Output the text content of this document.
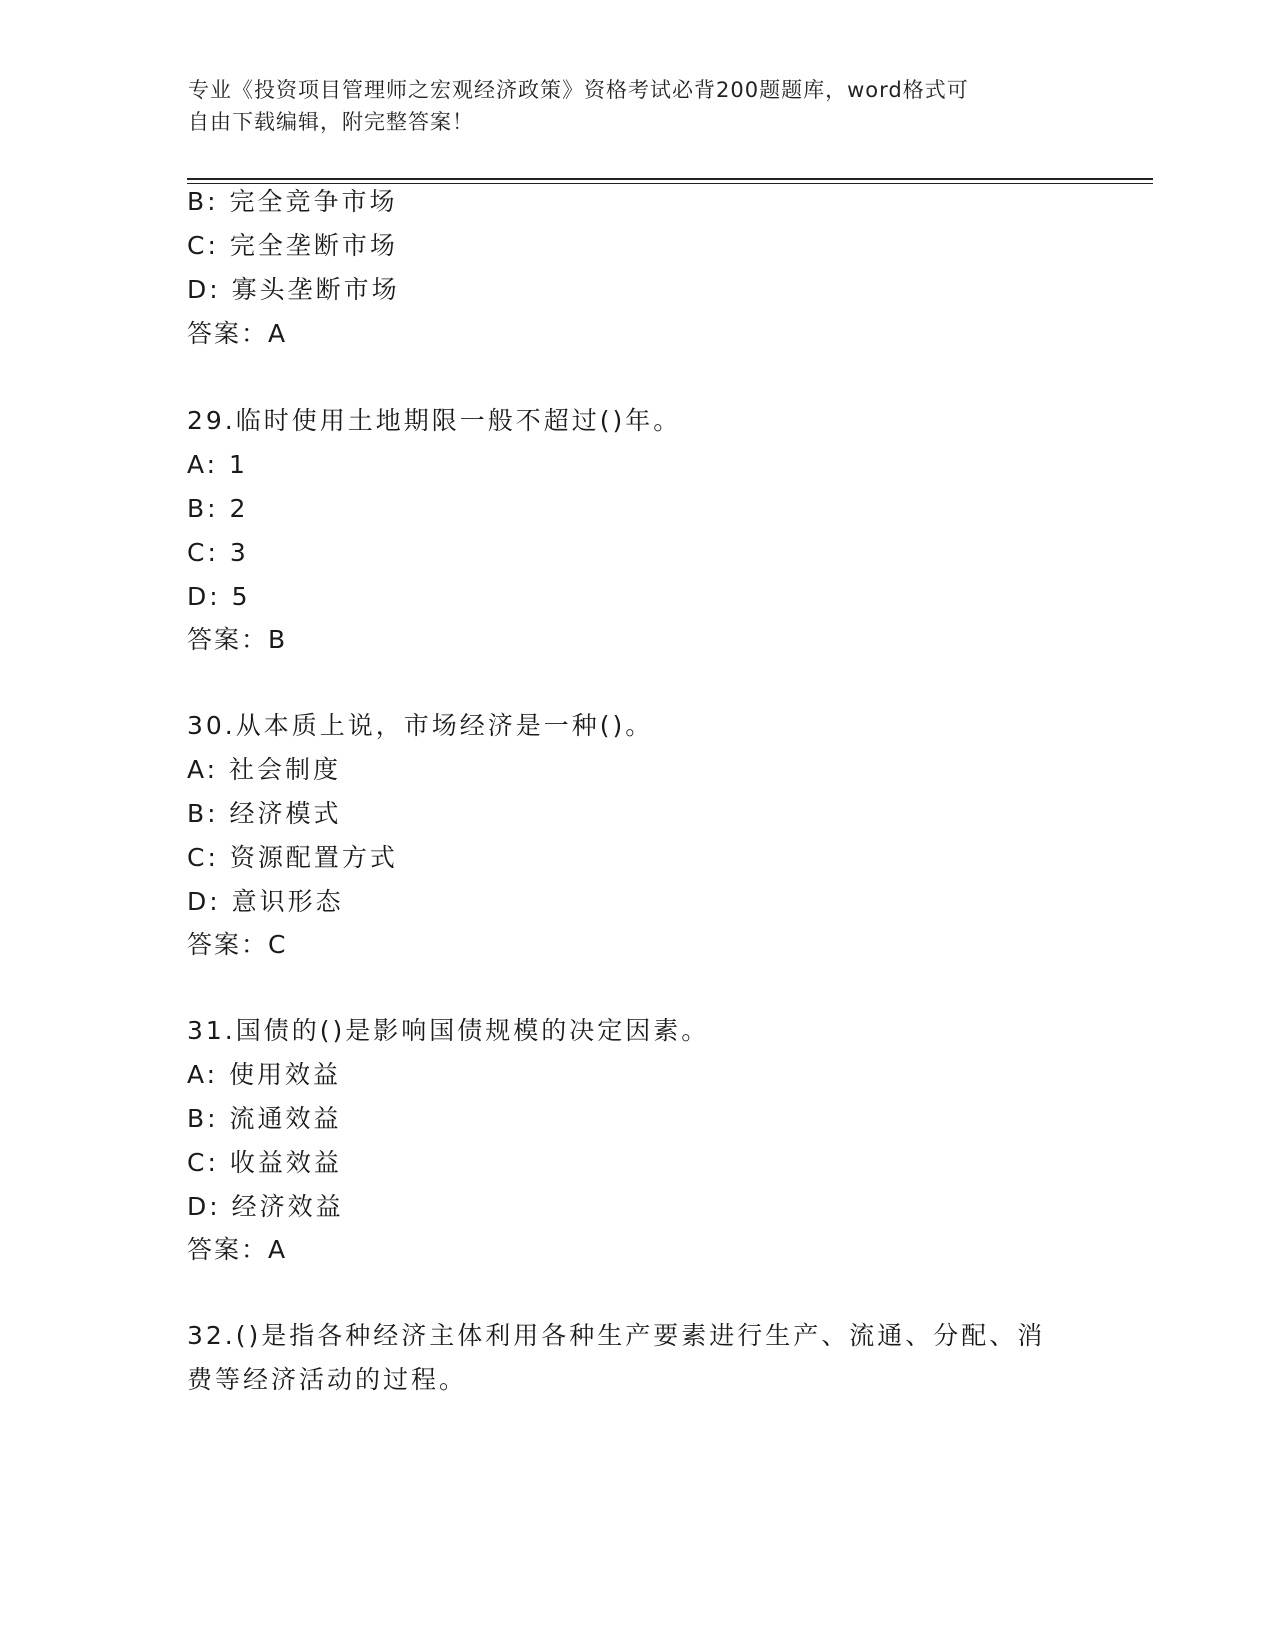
专业《投资项目管理师之宏观经济政策》资格考试必背200题题库，word格式可
自由下载编辑，附完整答案！
B: 完全竞争市场
C: 完全垄断市场
D: 寡头垄断市场
答案：A
29.临时使用土地期限一般不超过()年。
A: 1
B: 2
C: 3
D: 5
答案：B
30.从本质上说，市场经济是一种()。
A: 社会制度
B: 经济模式
C: 资源配置方式
D: 意识形态
答案：C
31.国债的()是影响国债规模的决定因素。
A: 使用效益
B: 流通效益
C: 收益效益
D: 经济效益
答案：A
32.()是指各种经济主体利用各种生产要素进行生产、流通、分配、消
费等经济活动的过程。
